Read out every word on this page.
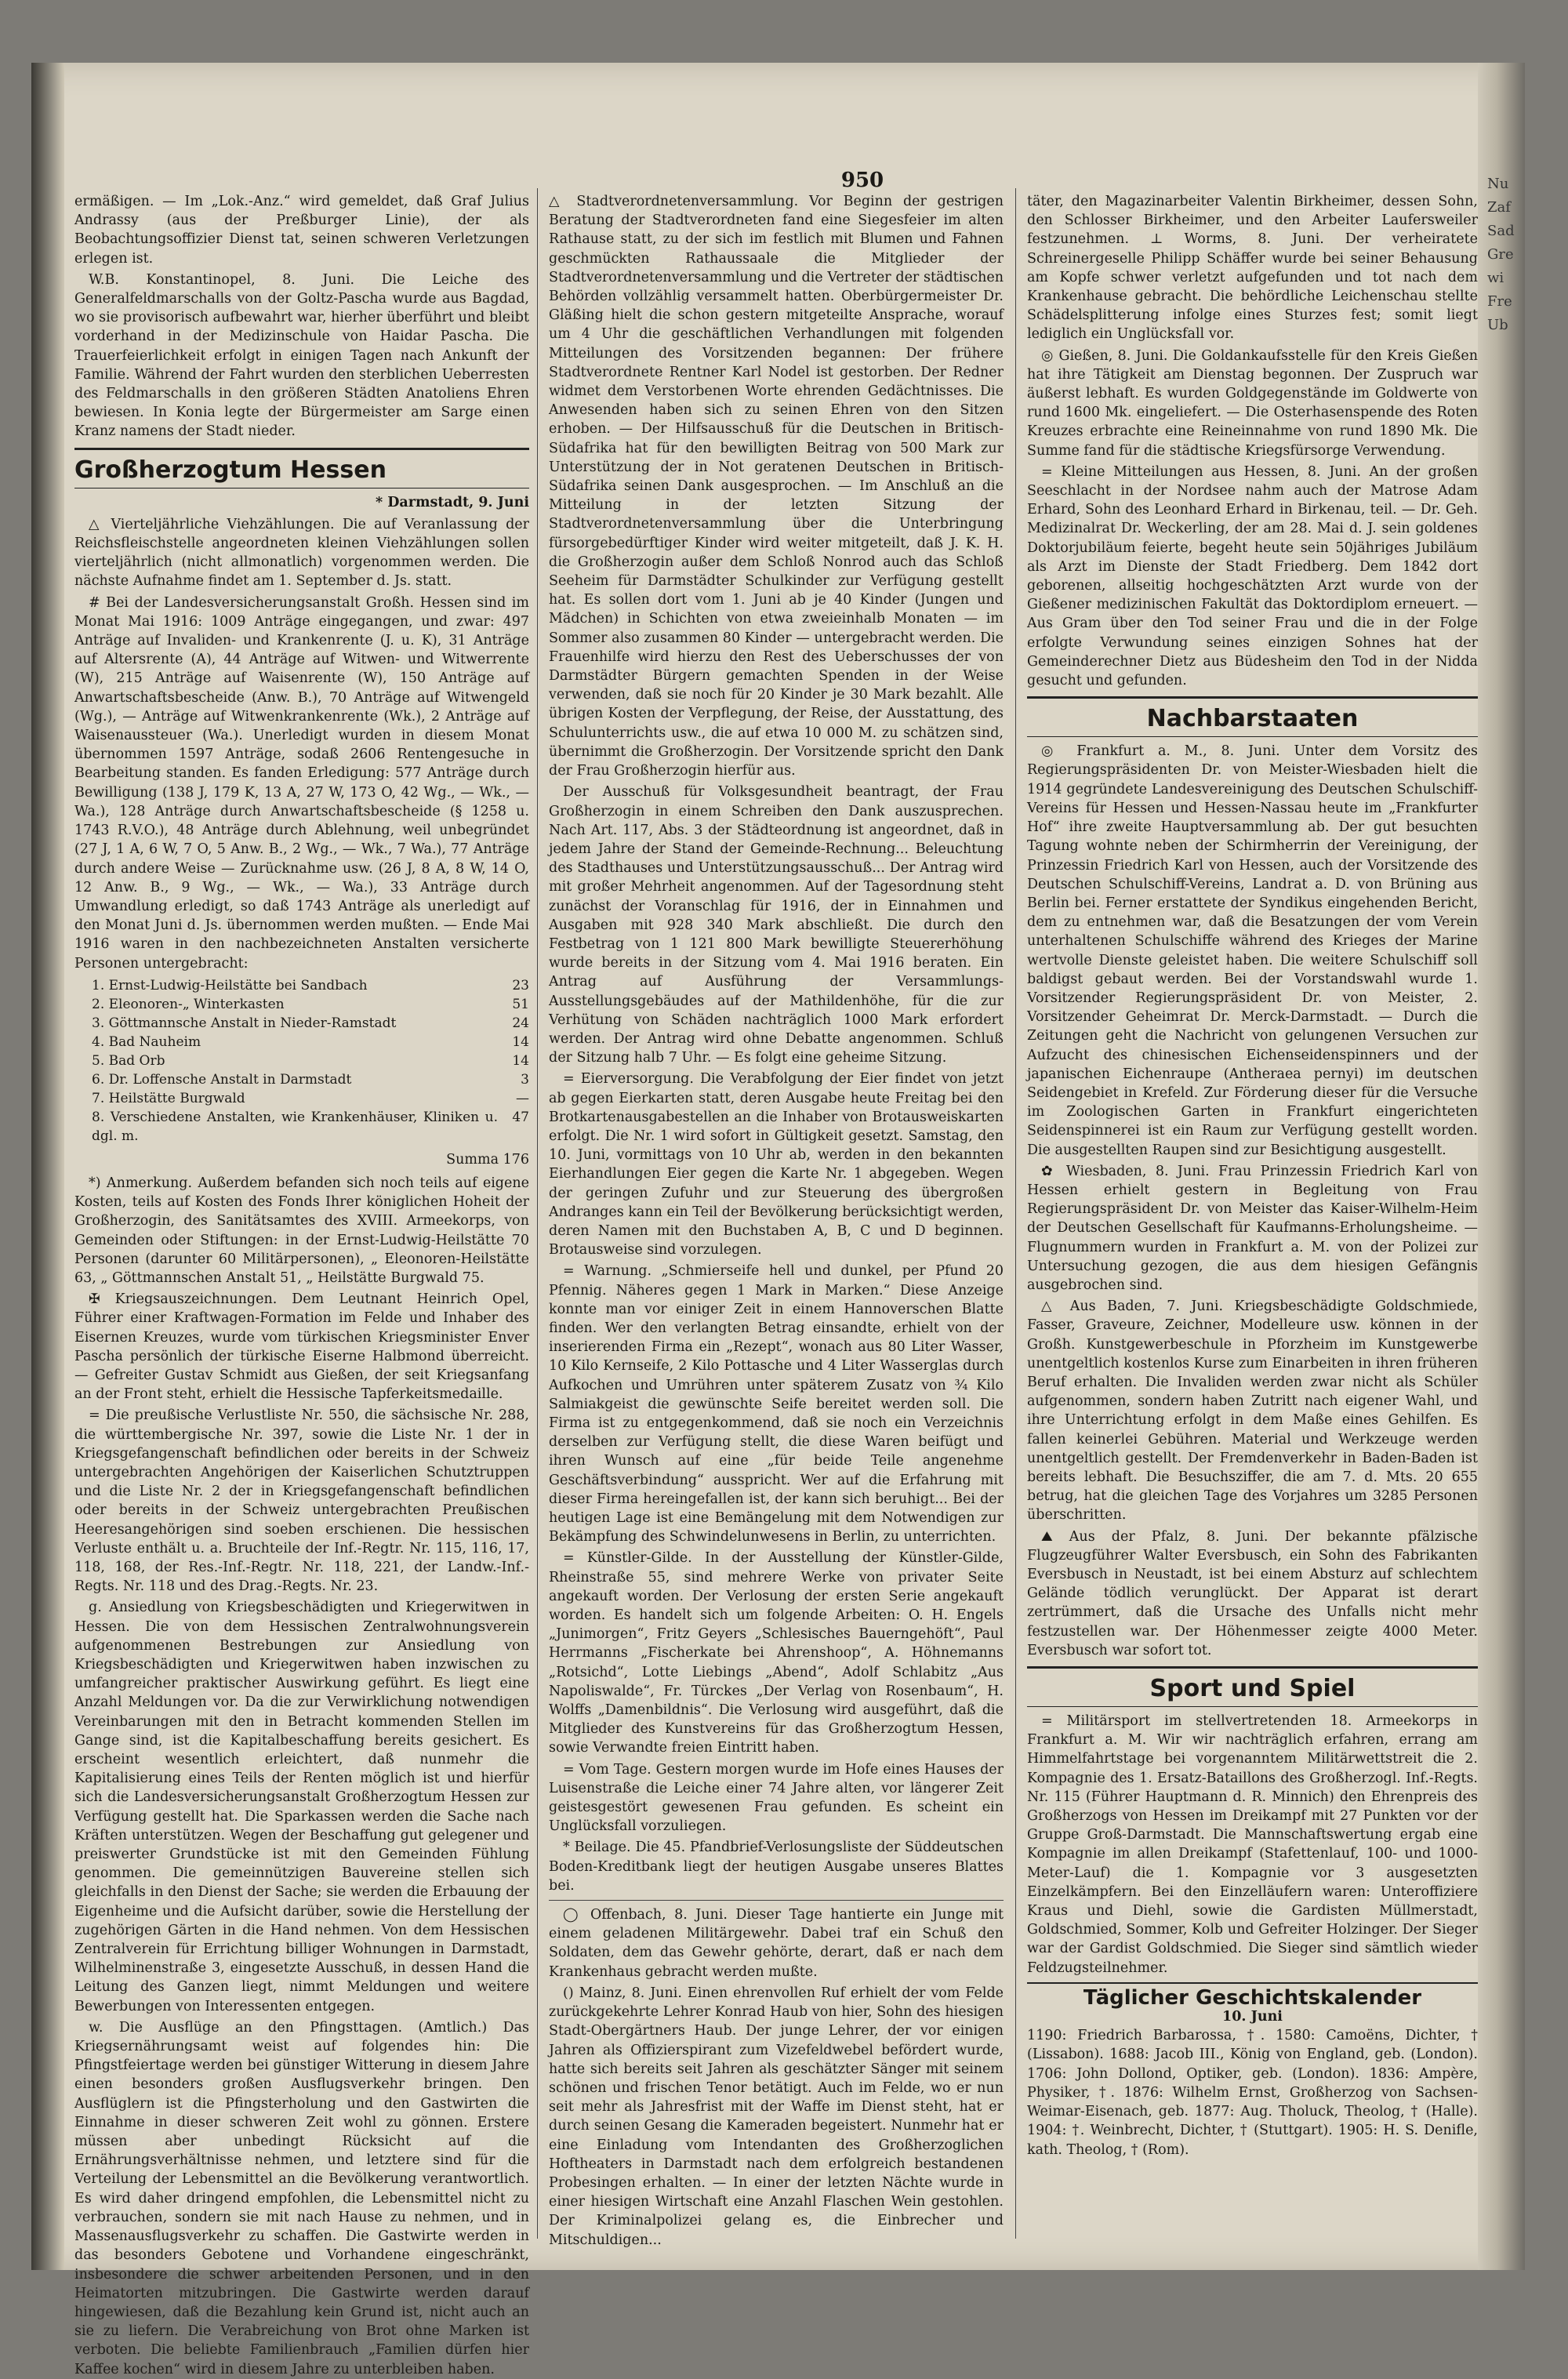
Nu Zaf Sad Gre wi Fre Ub
950

ermäßigen. — Im „Lok.-Anz.“ wird gemeldet, daß Graf Julius Andrassy (aus der Preßburger Linie), der als Beobachtungsoffizier Dienst tat, seinen schweren Verletzungen erlegen ist.

W.B. Konstantinopel, 8. Juni. Die Leiche des Generalfeldmarschalls von der Goltz-Pascha wurde aus Bagdad, wo sie provisorisch aufbewahrt war, hierher überführt und bleibt vorderhand in der Medizinschule von Haidar Pascha. Die Trauerfeierlichkeit erfolgt in einigen Tagen nach Ankunft der Familie. Während der Fahrt wurden den sterblichen Ueberresten des Feldmarschalls in den größeren Städten Anatoliens Ehren bewiesen. In Konia legte der Bürgermeister am Sarge einen Kranz namens der Stadt nieder.

Großherzogtum Hessen
* Darmstadt, 9. Juni

△ Vierteljährliche Viehzählungen. Die auf Veranlassung der Reichsfleischstelle angeordneten kleinen Viehzählungen sollen vierteljährlich (nicht allmonatlich) vorgenommen werden. Die nächste Aufnahme findet am 1. September d. Js. statt.

# Bei der Landesversicherungsanstalt Großh. Hessen sind im Monat Mai 1916: 1009 Anträge eingegangen, und zwar: 497 Anträge auf Invaliden- und Krankenrente (J. u. K), 31 Anträge auf Altersrente (A), 44 Anträge auf Witwen- und Witwerrente (W), 215 Anträge auf Waisenrente (W), 150 Anträge auf Anwartschaftsbescheide (Anw. B.), 70 Anträge auf Witwengeld (Wg.), — Anträge auf Witwenkrankenrente (Wk.), 2 Anträge auf Waisenaussteuer (Wa.). Unerledigt wurden in diesem Monat übernommen 1597 Anträge, sodaß 2606 Rentengesuche in Bearbeitung standen. Es fanden Erledigung: 577 Anträge durch Bewilligung (138 J, 179 K, 13 A, 27 W, 173 O, 42 Wg., — Wk., — Wa.), 128 Anträge durch Anwartschaftsbescheide (§ 1258 u. 1743 R.V.O.), 48 Anträge durch Ablehnung, weil unbegründet (27 J, 1 A, 6 W, 7 O, 5 Anw. B., 2 Wg., — Wk., 7 Wa.), 77 Anträge durch andere Weise — Zurücknahme usw. (26 J, 8 A, 8 W, 14 O, 12 Anw. B., 9 Wg., — Wk., — Wa.), 33 Anträge durch Umwandlung erledigt, so daß 1743 Anträge als unerledigt auf den Monat Juni d. Js. übernommen werden mußten. — Ende Mai 1916 waren in den nachbezeichneten Anstalten versicherte Personen untergebracht:

1. Ernst-Ludwig-Heilstätte bei Sandbach	23
2. Eleonoren-„ Winterkasten	51
3. Göttmannsche Anstalt in Nieder-Ramstadt	24
4. Bad Nauheim	14
5. Bad Orb	14
6. Dr. Loffensche Anstalt in Darmstadt	3
7. Heilstätte Burgwald	—
8. Verschiedene Anstalten, wie Krankenhäuser, Kliniken u. dgl. m.
47
Summa 176

*) Anmerkung. Außerdem befanden sich noch teils auf eigene Kosten, teils auf Kosten des Fonds Ihrer königlichen Hoheit der Großherzogin, des Sanitätsamtes des XVIII. Armeekorps, von Gemeinden oder Stiftungen: in der Ernst-Ludwig-Heilstätte 70 Personen (darunter 60 Militärpersonen), „ Eleonoren-Heilstätte 63, „ Göttmannschen Anstalt 51, „ Heilstätte Burgwald 75.

✠ Kriegsauszeichnungen. Dem Leutnant Heinrich Opel, Führer einer Kraftwagen-Formation im Felde und Inhaber des Eisernen Kreuzes, wurde vom türkischen Kriegsminister Enver Pascha persönlich der türkische Eiserne Halbmond überreicht. — Gefreiter Gustav Schmidt aus Gießen, der seit Kriegsanfang an der Front steht, erhielt die Hessische Tapferkeitsmedaille.

= Die preußische Verlustliste Nr. 550, die sächsische Nr. 288, die württembergische Nr. 397, sowie die Liste Nr. 1 der in Kriegsgefangenschaft befindlichen oder bereits in der Schweiz untergebrachten Angehörigen der Kaiserlichen Schutztruppen und die Liste Nr. 2 der in Kriegsgefangenschaft befindlichen oder bereits in der Schweiz untergebrachten Preußischen Heeresangehörigen sind soeben erschienen. Die hessischen Verluste enthält u. a. Bruchteile der Inf.-Regtr. Nr. 115, 116, 17, 118, 168, der Res.-Inf.-Regtr. Nr. 118, 221, der Landw.-Inf.-Regts. Nr. 118 und des Drag.-Regts. Nr. 23.

g. Ansiedlung von Kriegsbeschädigten und Kriegerwitwen in Hessen. Die von dem Hessischen Zentralwohnungsverein aufgenommenen Bestrebungen zur Ansiedlung von Kriegsbeschädigten und Kriegerwitwen haben inzwischen zu umfangreicher praktischer Auswirkung geführt. Es liegt eine Anzahl Meldungen vor. Da die zur Verwirklichung notwendigen Vereinbarungen mit den in Betracht kommenden Stellen im Gange sind, ist die Kapitalbeschaffung bereits gesichert. Es erscheint wesentlich erleichtert, daß nunmehr die Kapitalisierung eines Teils der Renten möglich ist und hierfür sich die Landesversicherungsanstalt Großherzogtum Hessen zur Verfügung gestellt hat. Die Sparkassen werden die Sache nach Kräften unterstützen. Wegen der Beschaffung gut gelegener und preiswerter Grundstücke ist mit den Gemeinden Fühlung genommen. Die gemeinnützigen Bauvereine stellen sich gleichfalls in den Dienst der Sache; sie werden die Erbauung der Eigenheime und die Aufsicht darüber, sowie die Herstellung der zugehörigen Gärten in die Hand nehmen. Von dem Hessischen Zentralverein für Errichtung billiger Wohnungen in Darmstadt, Wilhelminenstraße 3, eingesetzte Ausschuß, in dessen Hand die Leitung des Ganzen liegt, nimmt Meldungen und weitere Bewerbungen von Interessenten entgegen.

w. Die Ausflüge an den Pfingsttagen. (Amtlich.) Das Kriegsernährungsamt weist auf folgendes hin: Die Pfingstfeiertage werden bei günstiger Witterung in diesem Jahre einen besonders großen Ausflugsverkehr bringen. Den Ausflüglern ist die Pfingsterholung und den Gastwirten die Einnahme in dieser schweren Zeit wohl zu gönnen. Erstere müssen aber unbedingt Rücksicht auf die Ernährungsverhältnisse nehmen, und letztere sind für die Verteilung der Lebensmittel an die Bevölkerung verantwortlich. Es wird daher dringend empfohlen, die Lebensmittel nicht zu verbrauchen, sondern sie mit nach Hause zu nehmen, und in Massenausflugsverkehr zu schaffen. Die Gastwirte werden in das besonders Gebotene und Vorhandene eingeschränkt, insbesondere die schwer arbeitenden Personen, und in den Heimatorten mitzubringen. Die Gastwirte werden darauf hingewiesen, daß die Bezahlung kein Grund ist, nicht auch an sie zu liefern. Die Verabreichung von Brot ohne Marken ist verboten. Die beliebte Familienbrauch „Familien dürfen hier Kaffee kochen“ wird in diesem Jahre zu unterbleiben haben.

△ Stadtverordnetenversammlung. Vor Beginn der gestrigen Beratung der Stadtverordneten fand eine Siegesfeier im alten Rathause statt, zu der sich im festlich mit Blumen und Fahnen geschmückten Rathaussaale die Mitglieder der Stadtverordnetenversammlung und die Vertreter der städtischen Behörden vollzählig versammelt hatten. Oberbürgermeister Dr. Gläßing hielt die schon gestern mitgeteilte Ansprache, worauf um 4 Uhr die geschäftlichen Verhandlungen mit folgenden Mitteilungen des Vorsitzenden begannen: Der frühere Stadtverordnete Rentner Karl Nodel ist gestorben. Der Redner widmet dem Verstorbenen Worte ehrenden Gedächtnisses. Die Anwesenden haben sich zu seinen Ehren von den Sitzen erhoben. — Der Hilfsausschuß für die Deutschen in Britisch-Südafrika hat für den bewilligten Beitrag von 500 Mark zur Unterstützung der in Not geratenen Deutschen in Britisch-Südafrika seinen Dank ausgesprochen. — Im Anschluß an die Mitteilung in der letzten Sitzung der Stadtverordnetenversammlung über die Unterbringung fürsorgebedürftiger Kinder wird weiter mitgeteilt, daß J. K. H. die Großherzogin außer dem Schloß Nonrod auch das Schloß Seeheim für Darmstädter Schulkinder zur Verfügung gestellt hat. Es sollen dort vom 1. Juni ab je 40 Kinder (Jungen und Mädchen) in Schichten von etwa zweieinhalb Monaten — im Sommer also zusammen 80 Kinder — untergebracht werden. Die Frauenhilfe wird hierzu den Rest des Ueberschusses der von Darmstädter Bürgern gemachten Spenden in der Weise verwenden, daß sie noch für 20 Kinder je 30 Mark bezahlt. Alle übrigen Kosten der Verpflegung, der Reise, der Ausstattung, des Schulunterrichts usw., die auf etwa 10 000 M. zu schätzen sind, übernimmt die Großherzogin. Der Vorsitzende spricht den Dank der Frau Großherzogin hierfür aus.

Der Ausschuß für Volksgesundheit beantragt, der Frau Großherzogin in einem Schreiben den Dank auszusprechen. Nach Art. 117, Abs. 3 der Städteordnung ist angeordnet, daß in jedem Jahre der Stand der Gemeinde-Rechnung... Beleuchtung des Stadthauses und Unterstützungsausschuß... Der Antrag wird mit großer Mehrheit angenommen. Auf der Tagesordnung steht zunächst der Voranschlag für 1916, der in Einnahmen und Ausgaben mit 928 340 Mark abschließt. Die durch den Festbetrag von 1 121 800 Mark bewilligte Steuererhöhung wurde bereits in der Sitzung vom 4. Mai 1916 beraten. Ein Antrag auf Ausführung der Versammlungs-Ausstellungsgebäudes auf der Mathildenhöhe, für die zur Verhütung von Schäden nachträglich 1000 Mark erfordert werden. Der Antrag wird ohne Debatte angenommen. Schluß der Sitzung halb 7 Uhr. — Es folgt eine geheime Sitzung.

= Eierversorgung. Die Verabfolgung der Eier findet von jetzt ab gegen Eierkarten statt, deren Ausgabe heute Freitag bei den Brotkartenausgabestellen an die Inhaber von Brotausweiskarten erfolgt. Die Nr. 1 wird sofort in Gültigkeit gesetzt. Samstag, den 10. Juni, vormittags von 10 Uhr ab, werden in den bekannten Eierhandlungen Eier gegen die Karte Nr. 1 abgegeben. Wegen der geringen Zufuhr und zur Steuerung des übergroßen Andranges kann ein Teil der Bevölkerung berücksichtigt werden, deren Namen mit den Buchstaben A, B, C und D beginnen. Brotausweise sind vorzulegen.

= Warnung. „Schmierseife hell und dunkel, per Pfund 20 Pfennig. Näheres gegen 1 Mark in Marken.“ Diese Anzeige konnte man vor einiger Zeit in einem Hannoverschen Blatte finden. Wer den verlangten Betrag einsandte, erhielt von der inserierenden Firma ein „Rezept“, wonach aus 80 Liter Wasser, 10 Kilo Kernseife, 2 Kilo Pottasche und 4 Liter Wasserglas durch Aufkochen und Umrühren unter späterem Zusatz von ¾ Kilo Salmiakgeist die gewünschte Seife bereitet werden soll. Die Firma ist zu entgegenkommend, daß sie noch ein Verzeichnis derselben zur Verfügung stellt, die diese Waren beifügt und ihren Wunsch auf eine „für beide Teile angenehme Geschäftsverbindung“ ausspricht. Wer auf die Erfahrung mit dieser Firma hereingefallen ist, der kann sich beruhigt... Bei der heutigen Lage ist eine Bemängelung mit dem Notwendigen zur Bekämpfung des Schwindelunwesens in Berlin, zu unterrichten.

= Künstler-Gilde. In der Ausstellung der Künstler-Gilde, Rheinstraße 55, sind mehrere Werke von privater Seite angekauft worden. Der Verlosung der ersten Serie angekauft worden. Es handelt sich um folgende Arbeiten: O. H. Engels „Junimorgen“, Fritz Geyers „Schlesisches Bauerngehöft“, Paul Herrmanns „Fischerkate bei Ahrenshoop“, A. Höhnemanns „Rotsichd“, Lotte Liebings „Abend“, Adolf Schlabitz „Aus Napoliswalde“, Fr. Türckes „Der Verlag von Rosenbaum“, H. Wolffs „Damenbildnis“. Die Verlosung wird ausgeführt, daß die Mitglieder des Kunstvereins für das Großherzogtum Hessen, sowie Verwandte freien Eintritt haben.

= Vom Tage. Gestern morgen wurde im Hofe eines Hauses der Luisenstraße die Leiche einer 74 Jahre alten, vor längerer Zeit geistesgestört gewesenen Frau gefunden. Es scheint ein Unglücksfall vorzuliegen.

* Beilage. Die 45. Pfandbrief-Verlosungsliste der Süddeutschen Boden-Kreditbank liegt der heutigen Ausgabe unseres Blattes bei.

◯ Offenbach, 8. Juni. Dieser Tage hantierte ein Junge mit einem geladenen Militärgewehr. Dabei traf ein Schuß den Soldaten, dem das Gewehr gehörte, derart, daß er nach dem Krankenhaus gebracht werden mußte.

() Mainz, 8. Juni. Einen ehrenvollen Ruf erhielt der vom Felde zurückgekehrte Lehrer Konrad Haub von hier, Sohn des hiesigen Stadt-Obergärtners Haub. Der junge Lehrer, der vor einigen Jahren als Offizierspirant zum Vizefeldwebel befördert wurde, hatte sich bereits seit Jahren als geschätzter Sänger mit seinem schönen und frischen Tenor betätigt. Auch im Felde, wo er nun seit mehr als Jahresfrist mit der Waffe im Dienst steht, hat er durch seinen Gesang die Kameraden begeistert. Nunmehr hat er eine Einladung vom Intendanten des Großherzoglichen Hoftheaters in Darmstadt nach dem erfolgreich bestandenen Probesingen erhalten. — In einer der letzten Nächte wurde in einer hiesigen Wirtschaft eine Anzahl Flaschen Wein gestohlen. Der Kriminalpolizei gelang es, die Einbrecher und Mitschuldigen...

täter, den Magazinarbeiter Valentin Birkheimer, dessen Sohn, den Schlosser Birkheimer, und den Arbeiter Laufersweiler festzunehmen. ⊥ Worms, 8. Juni. Der verheiratete Schreinergeselle Philipp Schäffer wurde bei seiner Behausung am Kopfe schwer verletzt aufgefunden und tot nach dem Krankenhause gebracht. Die behördliche Leichenschau stellte Schädelsplitterung infolge eines Sturzes fest; somit liegt lediglich ein Unglücksfall vor.

◎ Gießen, 8. Juni. Die Goldankaufsstelle für den Kreis Gießen hat ihre Tätigkeit am Dienstag begonnen. Der Zuspruch war äußerst lebhaft. Es wurden Goldgegenstände im Goldwerte von rund 1600 Mk. eingeliefert. — Die Osterhasenspende des Roten Kreuzes erbrachte eine Reineinnahme von rund 1890 Mk. Die Summe fand für die städtische Kriegsfürsorge Verwendung.

= Kleine Mitteilungen aus Hessen, 8. Juni. An der großen Seeschlacht in der Nordsee nahm auch der Matrose Adam Erhard, Sohn des Leonhard Erhard in Birkenau, teil. — Dr. Geh. Medizinalrat Dr. Weckerling, der am 28. Mai d. J. sein goldenes Doktorjubiläum feierte, begeht heute sein 50jähriges Jubiläum als Arzt im Dienste der Stadt Friedberg. Dem 1842 dort geborenen, allseitig hochgeschätzten Arzt wurde von der Gießener medizinischen Fakultät das Doktordiplom erneuert. — Aus Gram über den Tod seiner Frau und die in der Folge erfolgte Verwundung seines einzigen Sohnes hat der Gemeinderechner Dietz aus Büdesheim den Tod in der Nidda gesucht und gefunden.

Nachbarstaaten

◎ Frankfurt a. M., 8. Juni. Unter dem Vorsitz des Regierungspräsidenten Dr. von Meister-Wiesbaden hielt die 1914 gegründete Landesvereinigung des Deutschen Schulschiff-Vereins für Hessen und Hessen-Nassau heute im „Frankfurter Hof“ ihre zweite Hauptversammlung ab. Der gut besuchten Tagung wohnte neben der Schirmherrin der Vereinigung, der Prinzessin Friedrich Karl von Hessen, auch der Vorsitzende des Deutschen Schulschiff-Vereins, Landrat a. D. von Brüning aus Berlin bei. Ferner erstattete der Syndikus eingehenden Bericht, dem zu entnehmen war, daß die Besatzungen der vom Verein unterhaltenen Schulschiffe während des Krieges der Marine wertvolle Dienste geleistet haben. Die weitere Schulschiff soll baldigst gebaut werden. Bei der Vorstandswahl wurde 1. Vorsitzender Regierungspräsident Dr. von Meister, 2. Vorsitzender Geheimrat Dr. Merck-Darmstadt. — Durch die Zeitungen geht die Nachricht von gelungenen Versuchen zur Aufzucht des chinesischen Eichenseidenspinners und der japanischen Eichenraupe (Antheraea pernyi) im deutschen Seidengebiet in Krefeld. Zur Förderung dieser für die Versuche im Zoologischen Garten in Frankfurt eingerichteten Seidenspinnerei ist ein Raum zur Verfügung gestellt worden. Die ausgestellten Raupen sind zur Besichtigung ausgestellt.

✿ Wiesbaden, 8. Juni. Frau Prinzessin Friedrich Karl von Hessen erhielt gestern in Begleitung von Frau Regierungspräsident Dr. von Meister das Kaiser-Wilhelm-Heim der Deutschen Gesellschaft für Kaufmanns-Erholungsheime. — Flugnummern wurden in Frankfurt a. M. von der Polizei zur Untersuchung gezogen, die aus dem hiesigen Gefängnis ausgebrochen sind.

△ Aus Baden, 7. Juni. Kriegsbeschädigte Goldschmiede, Fasser, Graveure, Zeichner, Modelleure usw. können in der Großh. Kunstgewerbeschule in Pforzheim im Kunstgewerbe unentgeltlich kostenlos Kurse zum Einarbeiten in ihren früheren Beruf erhalten. Die Invaliden werden zwar nicht als Schüler aufgenommen, sondern haben Zutritt nach eigener Wahl, und ihre Unterrichtung erfolgt in dem Maße eines Gehilfen. Es fallen keinerlei Gebühren. Material und Werkzeuge werden unentgeltlich gestellt. Der Fremdenverkehr in Baden-Baden ist bereits lebhaft. Die Besuchsziffer, die am 7. d. Mts. 20 655 betrug, hat die gleichen Tage des Vorjahres um 3285 Personen überschritten.

⛰ Aus der Pfalz, 8. Juni. Der bekannte pfälzische Flugzeugführer Walter Eversbusch, ein Sohn des Fabrikanten Eversbusch in Neustadt, ist bei einem Absturz auf schlechtem Gelände tödlich verunglückt. Der Apparat ist derart zertrümmert, daß die Ursache des Unfalls nicht mehr festzustellen war. Der Höhenmesser zeigte 4000 Meter. Eversbusch war sofort tot.

Sport und Spiel

= Militärsport im stellvertretenden 18. Armeekorps in Frankfurt a. M. Wir wir nachträglich erfahren, errang am Himmelfahrtstage bei vorgenanntem Militärwettstreit die 2. Kompagnie des 1. Ersatz-Bataillons des Großherzogl. Inf.-Regts. Nr. 115 (Führer Hauptmann d. R. Minnich) den Ehrenpreis des Großherzogs von Hessen im Dreikampf mit 27 Punkten vor der Gruppe Groß-Darmstadt. Die Mannschaftswertung ergab eine Kompagnie im allen Dreikampf (Stafettenlauf, 100- und 1000-Meter-Lauf) die 1. Kompagnie vor 3 ausgesetzten Einzelkämpfern. Bei den Einzelläufern waren: Unteroffiziere Kraus und Diehl, sowie die Gardisten Müllmerstadt, Goldschmied, Sommer, Kolb und Gefreiter Holzinger. Der Sieger war der Gardist Goldschmied. Die Sieger sind sämtlich wieder Feldzugsteilnehmer.

Täglicher Geschichtskalender
10. Juni

1190: Friedrich Barbarossa, †. 1580: Camoëns, Dichter, † (Lissabon). 1688: Jacob III., König von England, geb. (London). 1706: John Dollond, Optiker, geb. (London). 1836: Ampère, Physiker, †. 1876: Wilhelm Ernst, Großherzog von Sachsen-Weimar-Eisenach, geb. 1877: Aug. Tholuck, Theolog, † (Halle). 1904: †. Weinbrecht, Dichter, † (Stuttgart). 1905: H. S. Denifle, kath. Theolog, † (Rom).
